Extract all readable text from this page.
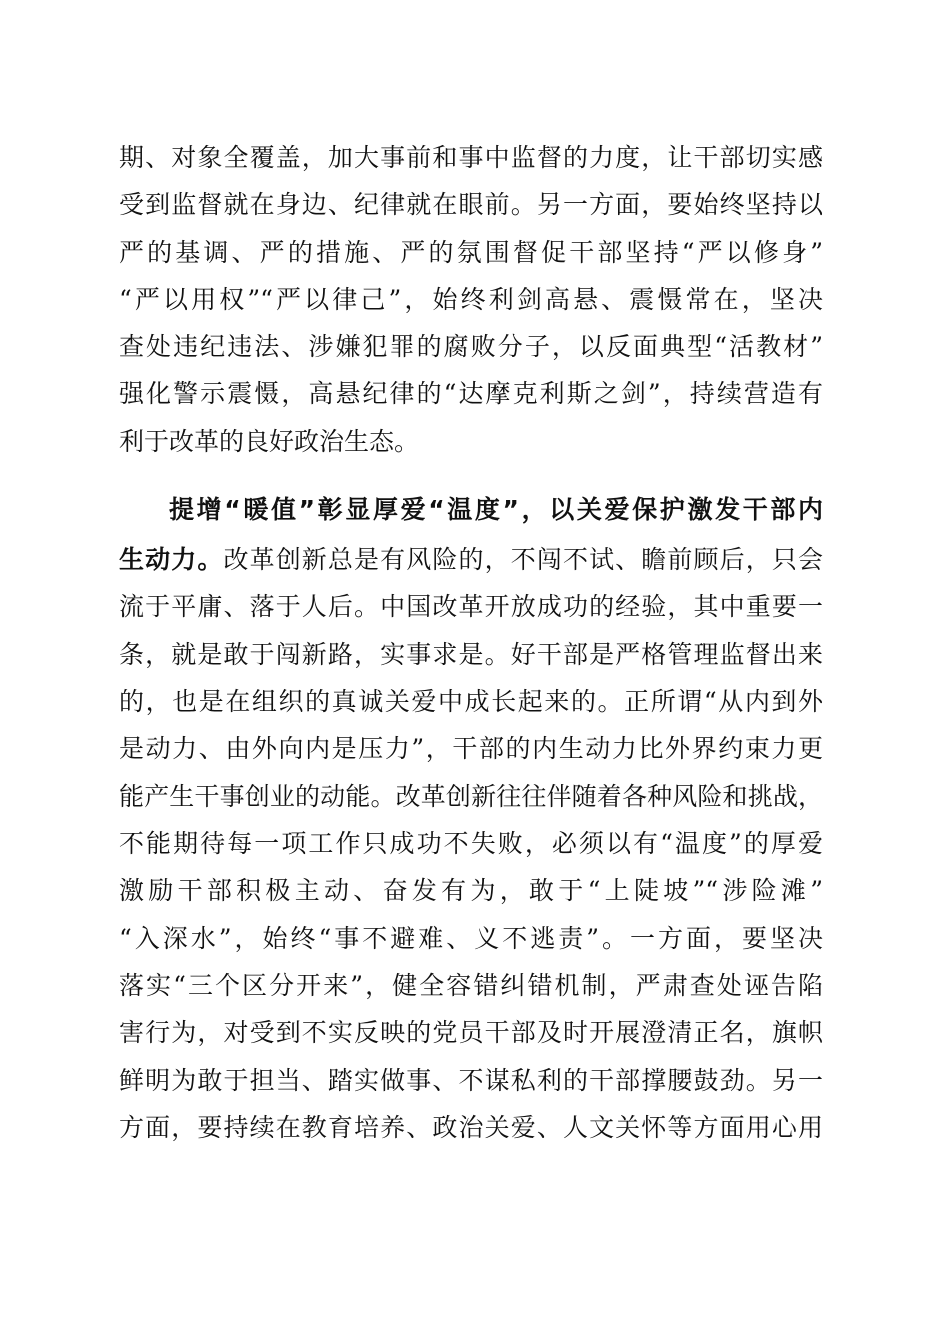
期、对象全覆盖，加大事前和事中监督的力度，让干部切实感
受到监督就在身边、纪律就在眼前。另一方面，要始终坚持以
严的基调、严的措施、严的氛围督促干部坚持“严以修身”
“严以用权”“严以律己”，始终利剑高悬、震慑常在，坚决
查处违纪违法、涉嫌犯罪的腐败分子，以反面典型“活教材”
强化警示震慑，高悬纪律的“达摩克利斯之剑”，持续营造有
利于改革的良好政治生态。
提增“暖值”彰显厚爱“温度”，以关爱保护激发干部内
生动力。改革创新总是有风险的，不闯不试、瞻前顾后，只会
流于平庸、落于人后。中国改革开放成功的经验，其中重要一
条，就是敢于闯新路，实事求是。好干部是严格管理监督出来
的，也是在组织的真诚关爱中成长起来的。正所谓“从内到外
是动力、由外向内是压力”，干部的内生动力比外界约束力更
能产生干事创业的动能。改革创新往往伴随着各种风险和挑战，
不能期待每一项工作只成功不失败，必须以有“温度”的厚爱
激励干部积极主动、奋发有为，敢于“上陡坡”“涉险滩”
“入深水”，始终“事不避难、义不逃责”。一方面，要坚决
落实“三个区分开来”，健全容错纠错机制，严肃查处诬告陷
害行为，对受到不实反映的党员干部及时开展澄清正名，旗帜
鲜明为敢于担当、踏实做事、不谋私利的干部撑腰鼓劲。另一
方面，要持续在教育培养、政治关爱、人文关怀等方面用心用
